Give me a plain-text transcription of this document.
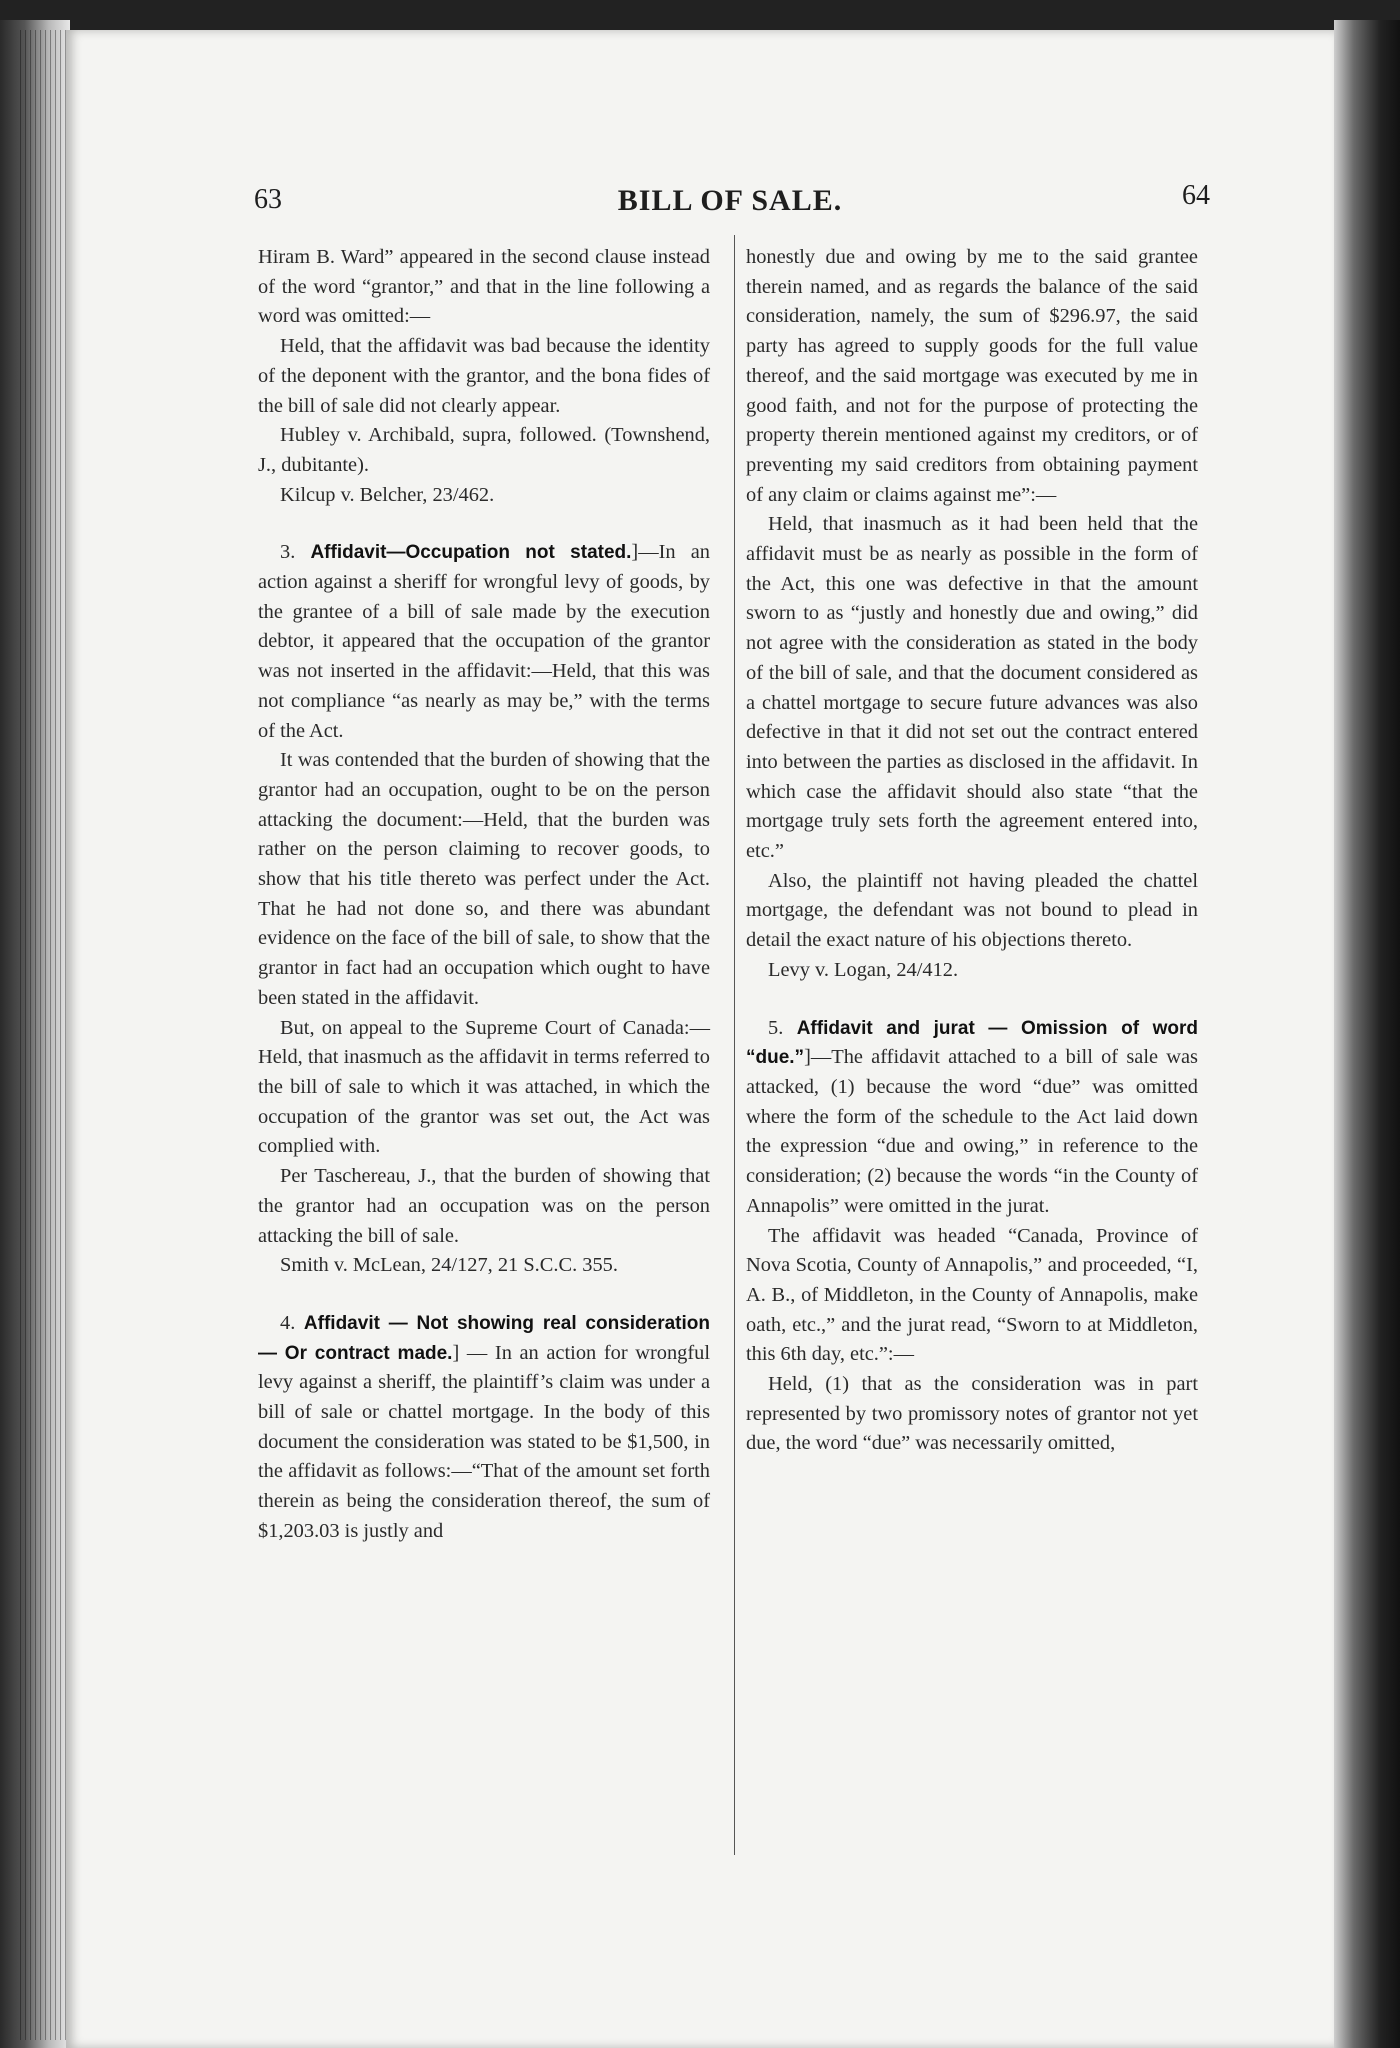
63	BILL OF SALE.	64

Hiram B. Ward” appeared in the second clause instead of the word “grantor,” and that in the line following a word was omitted:—

Held, that the affidavit was bad because the identity of the deponent with the grantor, and the bona fides of the bill of sale did not clearly appear.

Hubley v. Archibald, supra, followed. (Townshend, J., dubitante).

Kilcup v. Belcher, 23/462.

3. Affidavit—Occupation not stated.]—In an action against a sheriff for wrongful levy of goods, by the grantee of a bill of sale made by the execution debtor, it appeared that the occupation of the grantor was not inserted in the affidavit:—Held, that this was not compliance “as nearly as may be,” with the terms of the Act.

It was contended that the burden of showing that the grantor had an occupation, ought to be on the person attacking the document:—Held, that the burden was rather on the person claiming to recover goods, to show that his title thereto was perfect under the Act. That he had not done so, and there was abundant evidence on the face of the bill of sale, to show that the grantor in fact had an occupation which ought to have been stated in the affidavit.

But, on appeal to the Supreme Court of Canada:—Held, that inasmuch as the affidavit in terms referred to the bill of sale to which it was attached, in which the occupation of the grantor was set out, the Act was complied with.

Per Taschereau, J., that the burden of showing that the grantor had an occupation was on the person attacking the bill of sale.

Smith v. McLean, 24/127, 21 S.C.C. 355.

4. Affidavit — Not showing real consideration — Or contract made.] — In an action for wrongful levy against a sheriff, the plaintiff’s claim was under a bill of sale or chattel mortgage. In the body of this document the consideration was stated to be $1,500, in the affidavit as follows:—“That of the amount set forth therein as being the consideration thereof, the sum of $1,203.03 is justly and

honestly due and owing by me to the said grantee therein named, and as regards the balance of the said consideration, namely, the sum of $296.97, the said party has agreed to supply goods for the full value thereof, and the said mortgage was executed by me in good faith, and not for the purpose of protecting the property therein mentioned against my creditors, or of preventing my said creditors from obtaining payment of any claim or claims against me”:—

Held, that inasmuch as it had been held that the affidavit must be as nearly as possible in the form of the Act, this one was defective in that the amount sworn to as “justly and honestly due and owing,” did not agree with the consideration as stated in the body of the bill of sale, and that the document considered as a chattel mortgage to secure future advances was also defective in that it did not set out the contract entered into between the parties as disclosed in the affidavit. In which case the affidavit should also state “that the mortgage truly sets forth the agreement entered into, etc.”

Also, the plaintiff not having pleaded the chattel mortgage, the defendant was not bound to plead in detail the exact nature of his objections thereto.

Levy v. Logan, 24/412.

5. Affidavit and jurat — Omission of word “due.”]—The affidavit attached to a bill of sale was attacked, (1) because the word “due” was omitted where the form of the schedule to the Act laid down the expression “due and owing,” in reference to the consideration; (2) because the words “in the County of Annapolis” were omitted in the jurat.

The affidavit was headed “Canada, Province of Nova Scotia, County of Annapolis,” and proceeded, “I, A. B., of Middleton, in the County of Annapolis, make oath, etc.,” and the jurat read, “Sworn to at Middleton, this 6th day, etc.”:—

Held, (1) that as the consideration was in part represented by two promissory notes of grantor not yet due, the word “due” was necessarily omitted,
